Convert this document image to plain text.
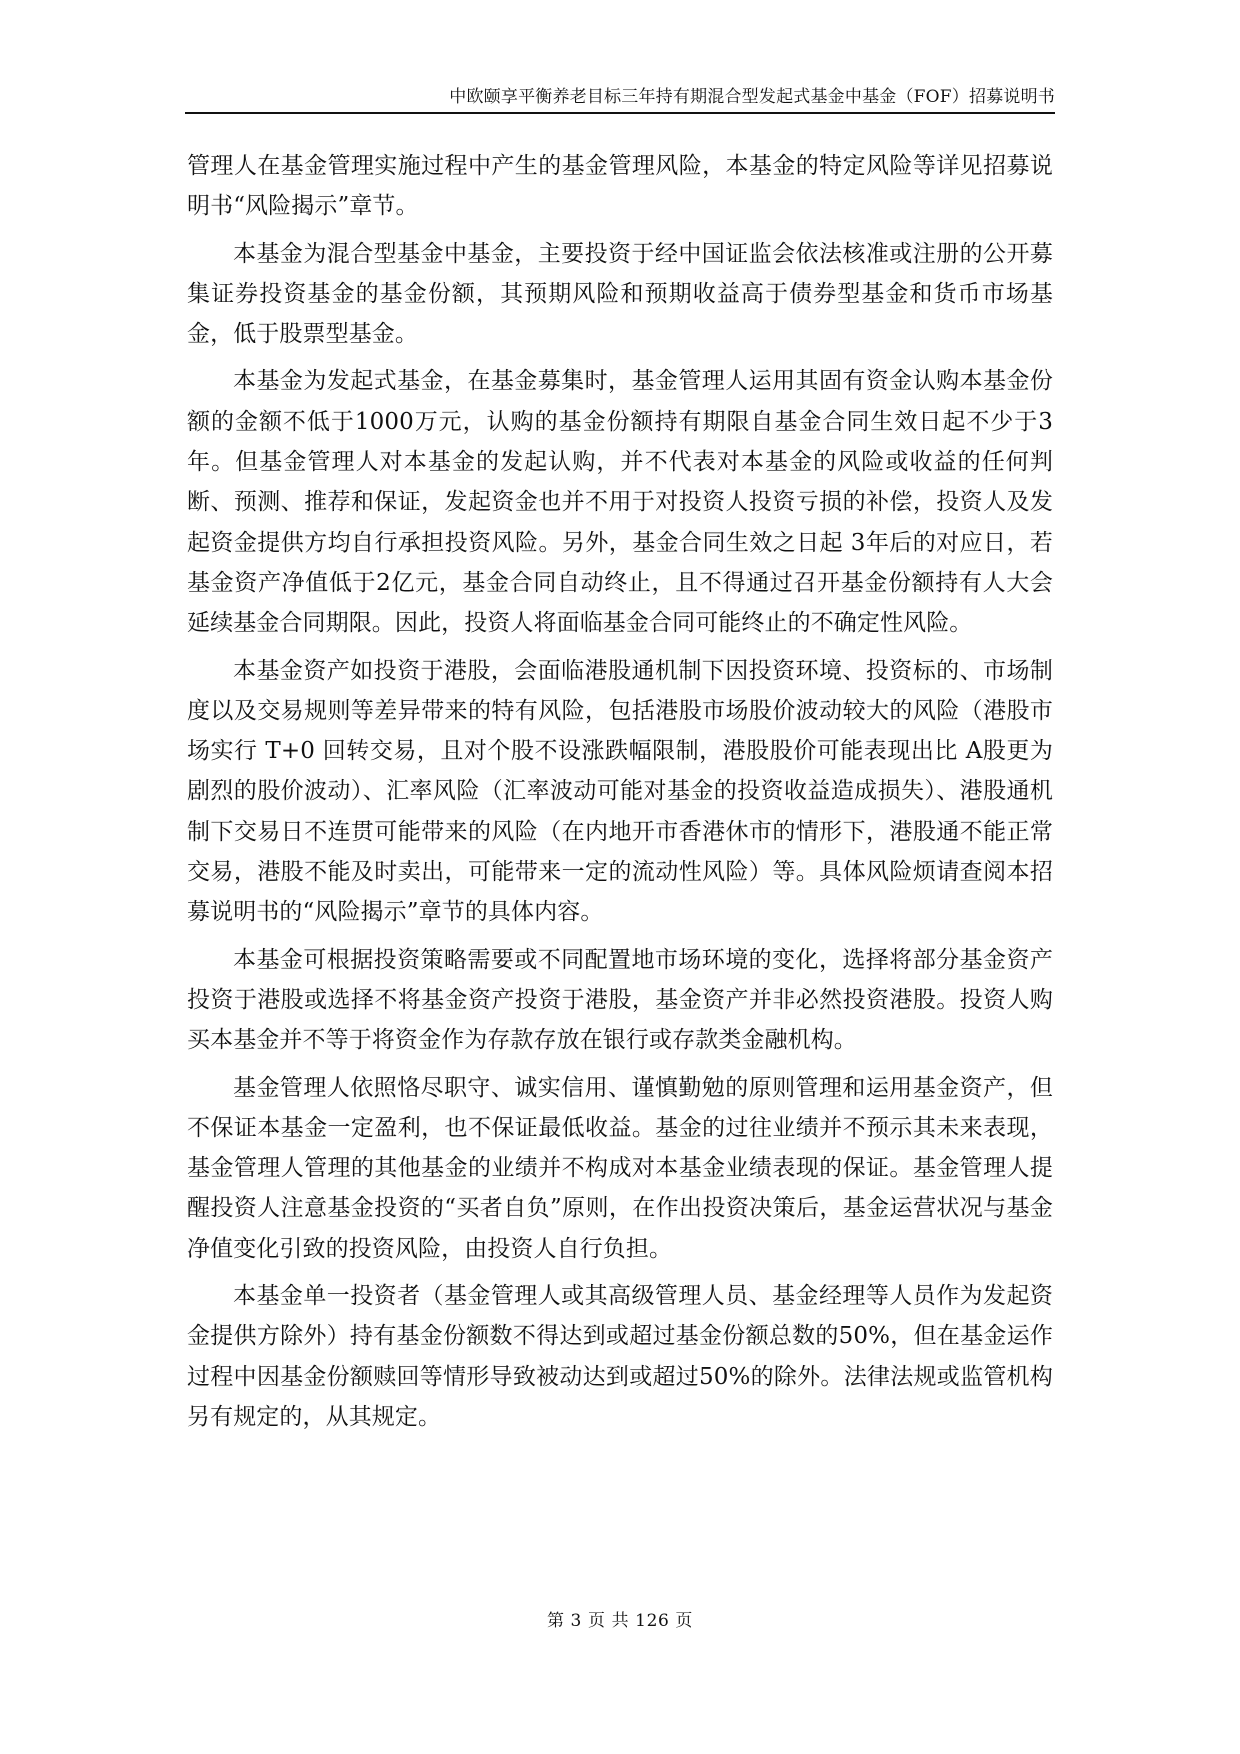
中欧颐享平衡养老目标三年持有期混合型发起式基金中基金（FOF）招募说明书

管理人在基金管理实施过程中产生的基金管理风险，本基金的特定风险等详见招募说明书“风险揭示”章节。

本基金为混合型基金中基金，主要投资于经中国证监会依法核准或注册的公开募集证券投资基金的基金份额，其预期风险和预期收益高于债券型基金和货币市场基金，低于股票型基金。

本基金为发起式基金，在基金募集时，基金管理人运用其固有资金认购本基金份额的金额不低于1000万元，认购的基金份额持有期限自基金合同生效日起不少于3年。但基金管理人对本基金的发起认购，并不代表对本基金的风险或收益的任何判断、预测、推荐和保证，发起资金也并不用于对投资人投资亏损的补偿，投资人及发起资金提供方均自行承担投资风险。另外，基金合同生效之日起 3年后的对应日，若基金资产净值低于2亿元，基金合同自动终止，且不得通过召开基金份额持有人大会延续基金合同期限。因此，投资人将面临基金合同可能终止的不确定性风险。

本基金资产如投资于港股，会面临港股通机制下因投资环境、投资标的、市场制度以及交易规则等差异带来的特有风险，包括港股市场股价波动较大的风险（港股市场实行 T+0 回转交易，且对个股不设涨跌幅限制，港股股价可能表现出比 A股更为剧烈的股价波动）、汇率风险（汇率波动可能对基金的投资收益造成损失）、港股通机制下交易日不连贯可能带来的风险（在内地开市香港休市的情形下，港股通不能正常交易，港股不能及时卖出，可能带来一定的流动性风险）等。具体风险烦请查阅本招募说明书的“风险揭示”章节的具体内容。

本基金可根据投资策略需要或不同配置地市场环境的变化，选择将部分基金资产投资于港股或选择不将基金资产投资于港股，基金资产并非必然投资港股。投资人购买本基金并不等于将资金作为存款存放在银行或存款类金融机构。

基金管理人依照恪尽职守、诚实信用、谨慎勤勉的原则管理和运用基金资产，但不保证本基金一定盈利，也不保证最低收益。基金的过往业绩并不预示其未来表现，基金管理人管理的其他基金的业绩并不构成对本基金业绩表现的保证。基金管理人提醒投资人注意基金投资的“买者自负”原则，在作出投资决策后，基金运营状况与基金净值变化引致的投资风险，由投资人自行负担。

本基金单一投资者（基金管理人或其高级管理人员、基金经理等人员作为发起资金提供方除外）持有基金份额数不得达到或超过基金份额总数的50%，但在基金运作过程中因基金份额赎回等情形导致被动达到或超过50%的除外。法律法规或监管机构另有规定的，从其规定。

第 3 页 共 126 页
